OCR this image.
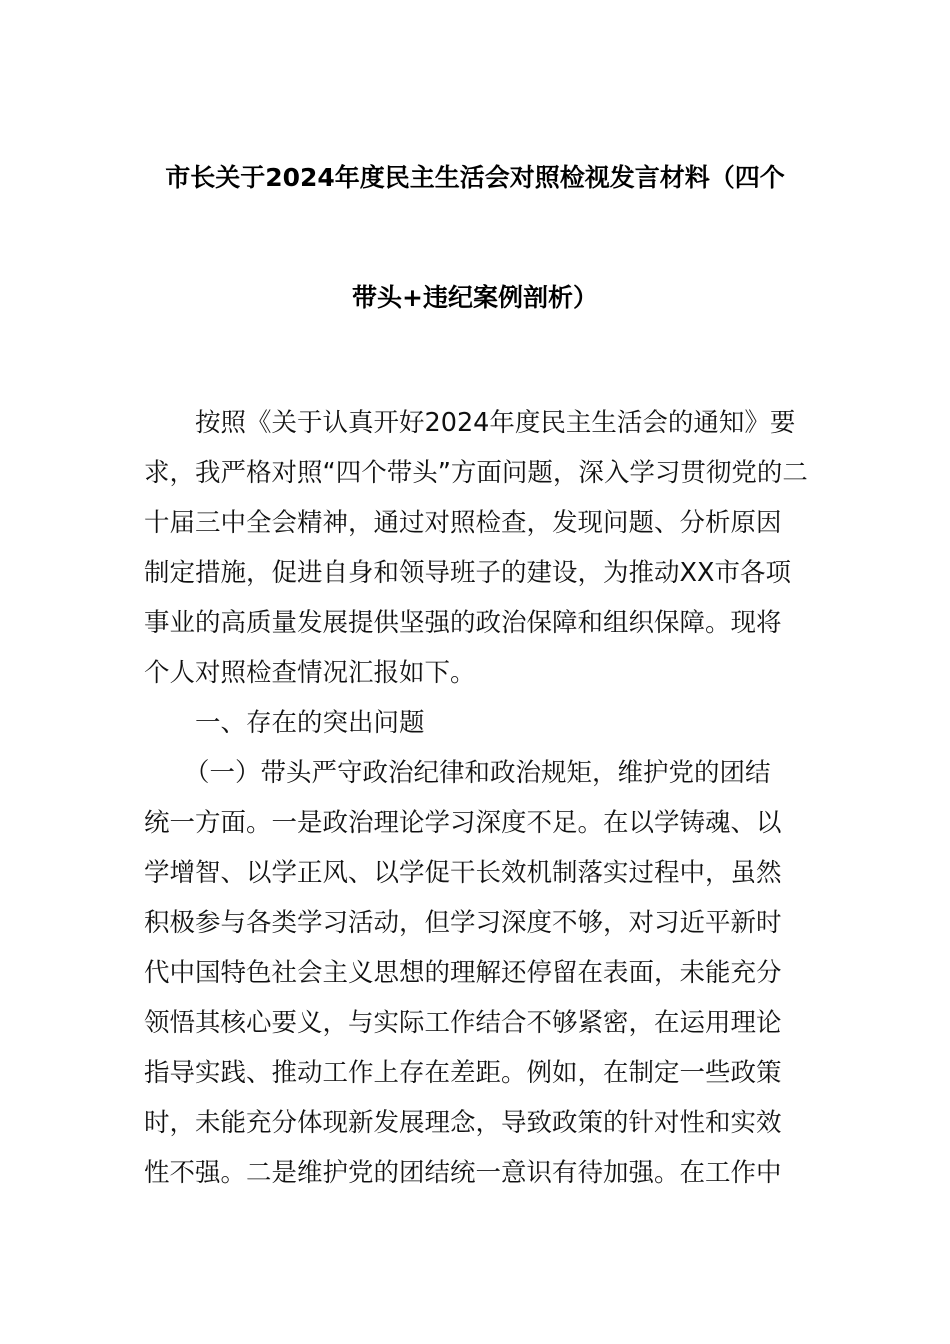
市长关于2024年度民主生活会对照检视发言材料（四个
带头+违纪案例剖析）
按照《关于认真开好2024年度民主生活会的通知》要
求，我严格对照“四个带头”方面问题，深入学习贯彻党的二
十届三中全会精神，通过对照检查，发现问题、分析原因
制定措施，促进自身和领导班子的建设，为推动XX市各项
事业的高质量发展提供坚强的政治保障和组织保障。现将
个人对照检查情况汇报如下。
一、存在的突出问题
（一）带头严守政治纪律和政治规矩，维护党的团结
统一方面。一是政治理论学习深度不足。在以学铸魂、以
学增智、以学正风、以学促干长效机制落实过程中，虽然
积极参与各类学习活动，但学习深度不够，对习近平新时
代中国特色社会主义思想的理解还停留在表面，未能充分
领悟其核心要义，与实际工作结合不够紧密，在运用理论
指导实践、推动工作上存在差距。例如，在制定一些政策
时，未能充分体现新发展理念，导致政策的针对性和实效
性不强。二是维护党的团结统一意识有待加强。在工作中
